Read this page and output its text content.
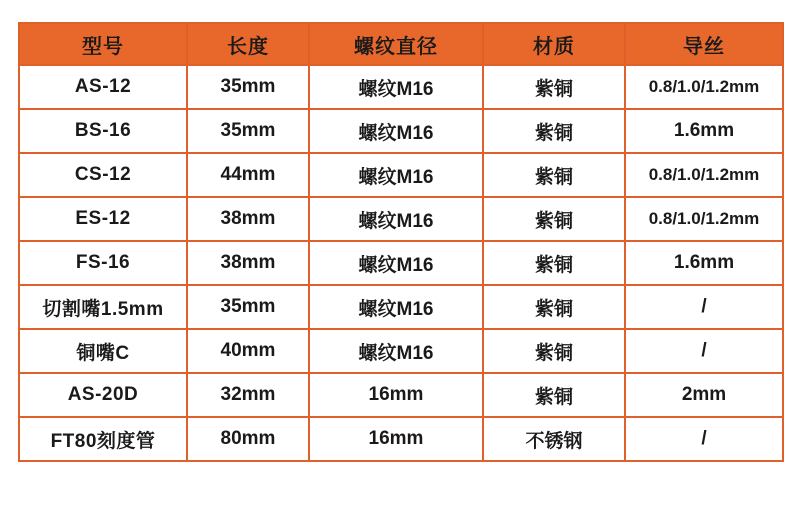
型号	长度	螺纹直径	材质	导丝
AS-12	35mm	螺纹M16	紫铜	0.8/1.0/1.2mm
BS-16	35mm	螺纹M16	紫铜	1.6mm
CS-12	44mm	螺纹M16	紫铜	0.8/1.0/1.2mm
ES-12	38mm	螺纹M16	紫铜	0.8/1.0/1.2mm
FS-16	38mm	螺纹M16	紫铜	1.6mm
切割嘴1.5mm	35mm	螺纹M16	紫铜	/
铜嘴C	40mm	螺纹M16	紫铜	/
AS-20D	32mm	16mm	紫铜	2mm
FT80刻度管	80mm	16mm	不锈钢	/
